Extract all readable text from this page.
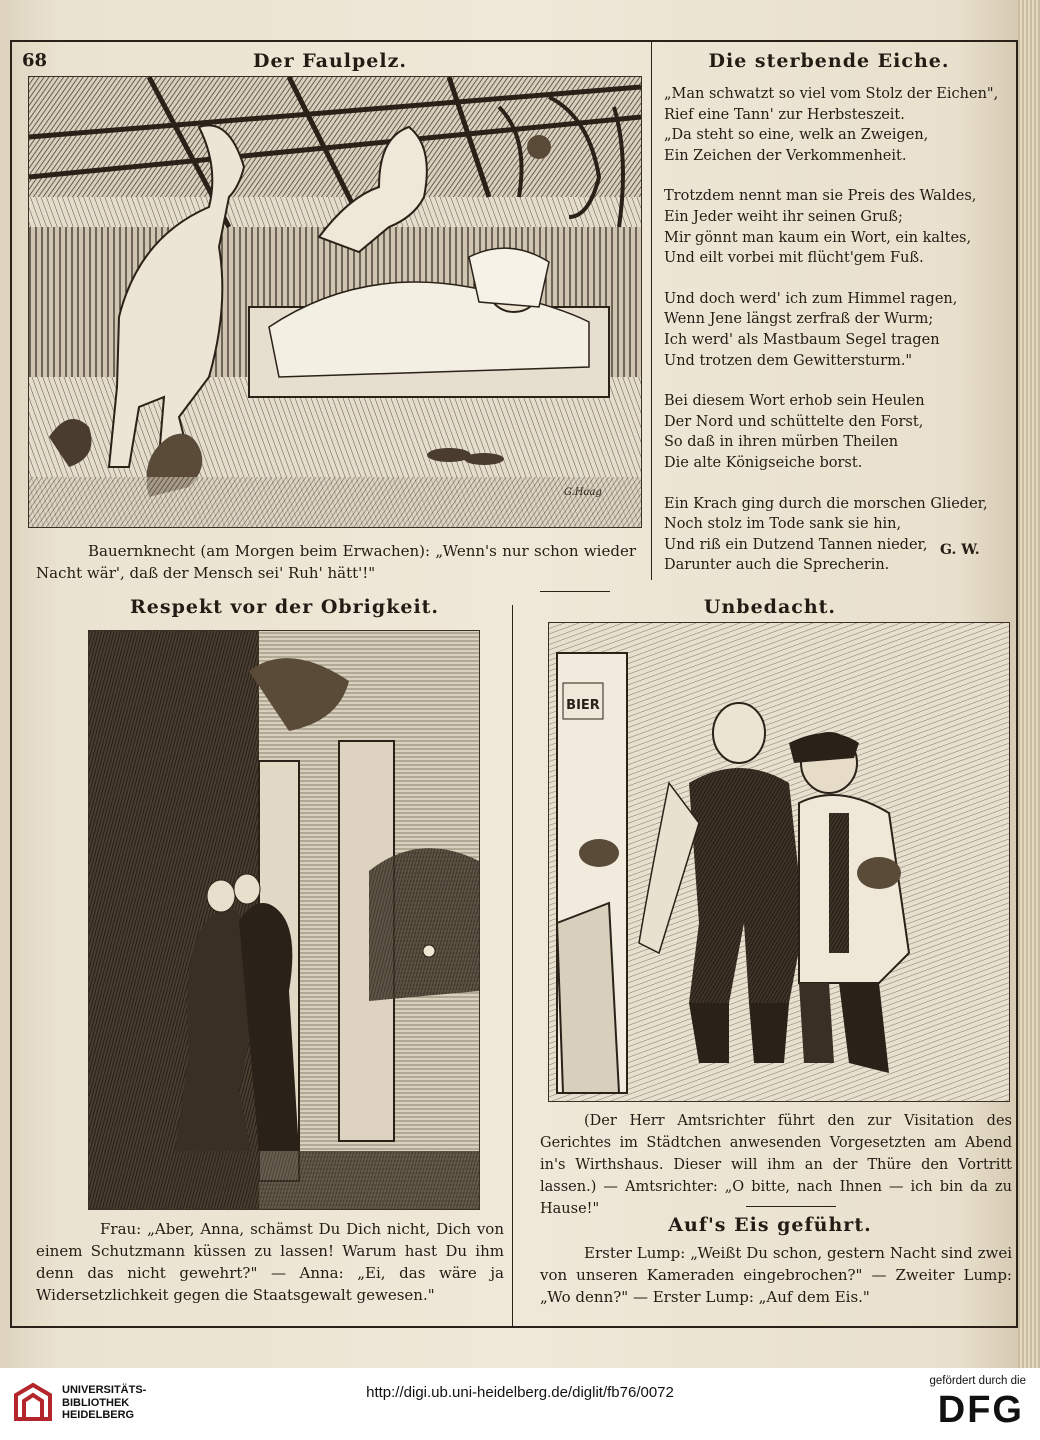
68	Der Faulpelz.	Die sterbende Eiche.
G.Haag
Bauernknecht (am Morgen beim Erwachen): „Wenn's nur schon wieder Nacht wär', daß der Mensch sei' Ruh' hätt'!"
„Man schwatzt so viel vom Stolz der Eichen",
Rief eine Tann' zur Herbsteszeit.
„Da steht so eine, welk an Zweigen,
Ein Zeichen der Verkommenheit.
Trotzdem nennt man sie Preis des Waldes,
Ein Jeder weiht ihr seinen Gruß;
Mir gönnt man kaum ein Wort, ein kaltes,
Und eilt vorbei mit flücht'gem Fuß.
Und doch werd' ich zum Himmel ragen,
Wenn Jene längst zerfraß der Wurm;
Ich werd' als Mastbaum Segel tragen
Und trotzen dem Gewittersturm."
Bei diesem Wort erhob sein Heulen
Der Nord und schüttelte den Forst,
So daß in ihren mürben Theilen
Die alte Königseiche borst.
Ein Krach ging durch die morschen Glieder,
Noch stolz im Tode sank sie hin,
Und riß ein Dutzend Tannen nieder,
Darunter auch die Sprecherin.
G. W.
Respekt vor der Obrigkeit.	Unbedacht.
BIER
(Der Herr Amtsrichter führt den zur Visitation des Gerichtes im Städtchen anwesenden Vorgesetzten am Abend in's Wirthshaus. Dieser will ihm an der Thüre den Vortritt lassen.) — Amtsrichter: „O bitte, nach Ihnen — ich bin da zu Hause!"
Auf's Eis geführt.
Erster Lump: „Weißt Du schon, gestern Nacht sind zwei von unseren Kameraden eingebrochen?" — Zweiter Lump: „Wo denn?" — Erster Lump: „Auf dem Eis."
Frau: „Aber, Anna, schämst Du Dich nicht, Dich von einem Schutzmann küssen zu lassen! Warum hast Du ihm denn das nicht gewehrt?" — Anna: „Ei, das wäre ja Widersetzlichkeit gegen die Staatsgewalt gewesen."
UNIVERSITÄTS-
BIBLIOTHEK
HEIDELBERG
http://digi.ub.uni-heidelberg.de/diglit/fb76/0072
gefördert durch die
DFG
